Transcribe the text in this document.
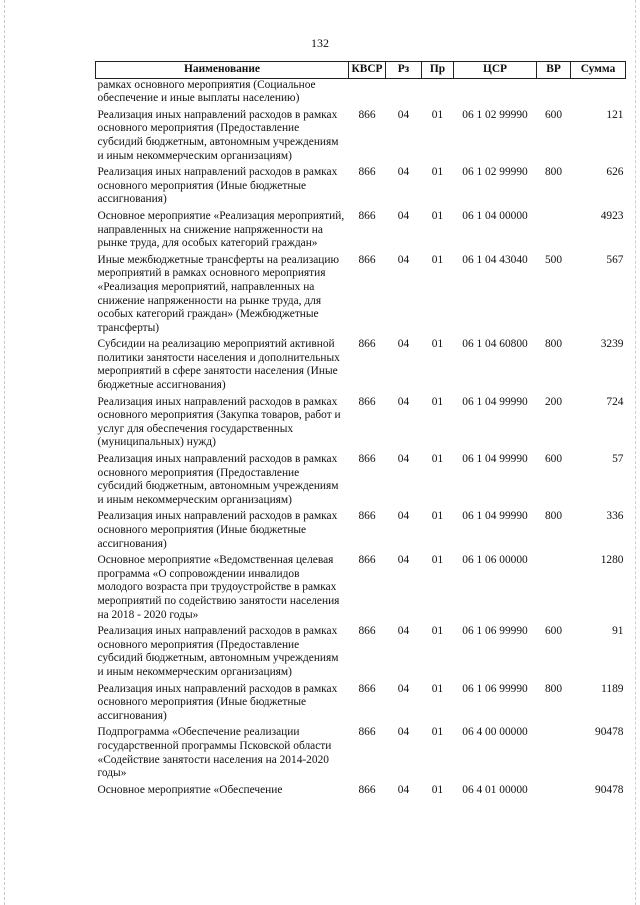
132
Наименование	КВСР	Рз	Пр	ЦСР	ВР	Сумма
рамках основного мероприятия (Социальное обеспечение и иные выплаты населению)						
Реализация иных направлений расходов в рамках основного мероприятия (Предоставление субсидий бюджетным, автономным учреждениям и иным некоммерческим организациям)	866	04	01	06 1 02 99990	600	121
Реализация иных направлений расходов в рамках основного мероприятия (Иные бюджетные ассигнования)	866	04	01	06 1 02 99990	800	626
Основное мероприятие «Реализация мероприятий, направленных на снижение напряженности на рынке труда, для особых категорий граждан»	866	04	01	06 1 04 00000		4923
Иные межбюджетные трансферты на реализацию мероприятий в рамках основного мероприятия «Реализация мероприятий, направленных на снижение напряженности на рынке труда, для особых категорий граждан» (Межбюджетные трансферты)	866	04	01	06 1 04 43040	500	567
Субсидии на реализацию мероприятий активной политики занятости населения и дополнительных мероприятий в сфере занятости населения (Иные бюджетные ассигнования)	866	04	01	06 1 04 60800	800	3239
Реализация иных направлений расходов в рамках основного мероприятия (Закупка товаров, работ и услуг для обеспечения государственных (муниципальных) нужд)	866	04	01	06 1 04 99990	200	724
Реализация иных направлений расходов в рамках основного мероприятия (Предоставление субсидий бюджетным, автономным учреждениям и иным некоммерческим организациям)	866	04	01	06 1 04 99990	600	57
Реализация иных направлений расходов в рамках основного мероприятия (Иные бюджетные ассигнования)	866	04	01	06 1 04 99990	800	336
Основное мероприятие «Ведомственная целевая программа «О сопровождении инвалидов молодого возраста при трудоустройстве в рамках мероприятий по содействию занятости населения на 2018 - 2020 годы»	866	04	01	06 1 06 00000		1280
Реализация иных направлений расходов в рамках основного мероприятия (Предоставление субсидий бюджетным, автономным учреждениям и иным некоммерческим организациям)	866	04	01	06 1 06 99990	600	91
Реализация иных направлений расходов в рамках основного мероприятия (Иные бюджетные ассигнования)	866	04	01	06 1 06 99990	800	1189
Подпрограмма «Обеспечение реализации государственной программы Псковской области «Содействие занятости населения на 2014-2020 годы»	866	04	01	06 4 00 00000		90478
Основное мероприятие «Обеспечение	866	04	01	06 4 01 00000		90478
